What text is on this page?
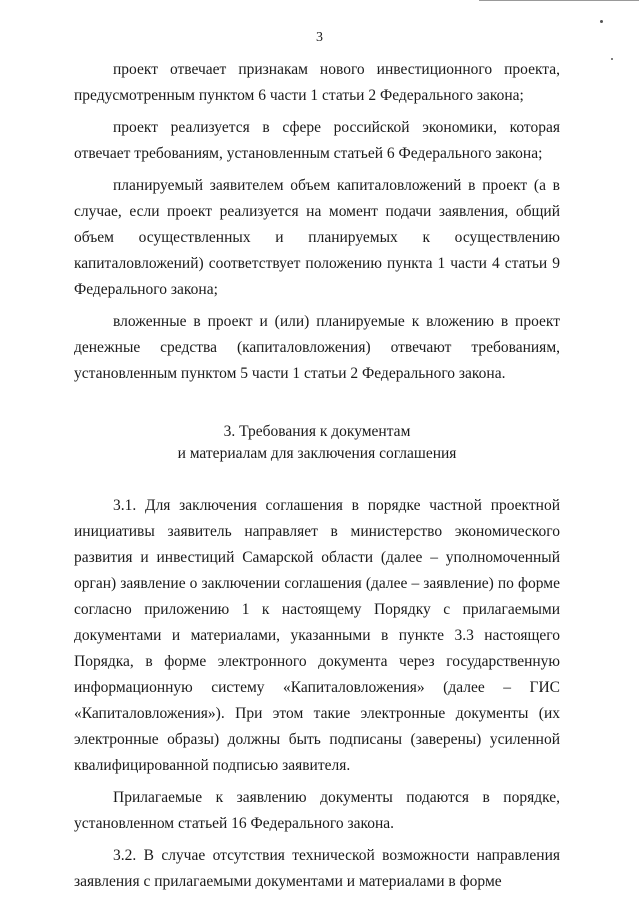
3

проект отвечает признакам нового инвестиционного проекта, предусмотренным пунктом 6 части 1 статьи 2 Федерального закона;

проект реализуется в сфере российской экономики, которая отвечает требованиям, установленным статьей 6 Федерального закона;

планируемый заявителем объем капиталовложений в проект (а в случае, если проект реализуется на момент подачи заявления, общий объем осуществленных и планируемых к осуществлению капиталовложений) соответствует положению пункта 1 части 4 статьи 9 Федерального закона;

вложенные в проект и (или) планируемые к вложению в проект денежные средства (капиталовложения) отвечают требованиям, установленным пунктом 5 части 1 статьи 2 Федерального закона.

3. Требования к документам
и материалам для заключения соглашения

3.1. Для заключения соглашения в порядке частной проектной инициативы заявитель направляет в министерство экономического развития и инвестиций Самарской области (далее – уполномоченный орган) заявление о заключении соглашения (далее – заявление) по форме согласно приложению 1 к настоящему Порядку с прилагаемыми документами и материалами, указанными в пункте 3.3 настоящего Порядка, в форме электронного документа через государственную информационную систему «Капиталовложения» (далее – ГИС «Капиталовложения»). При этом такие электронные документы (их электронные образы) должны быть подписаны (заверены) усиленной квалифицированной подписью заявителя.

Прилагаемые к заявлению документы подаются в порядке, установленном статьей 16 Федерального закона.

3.2. В случае отсутствия технической возможности направления заявления с прилагаемыми документами и материалами в форме
